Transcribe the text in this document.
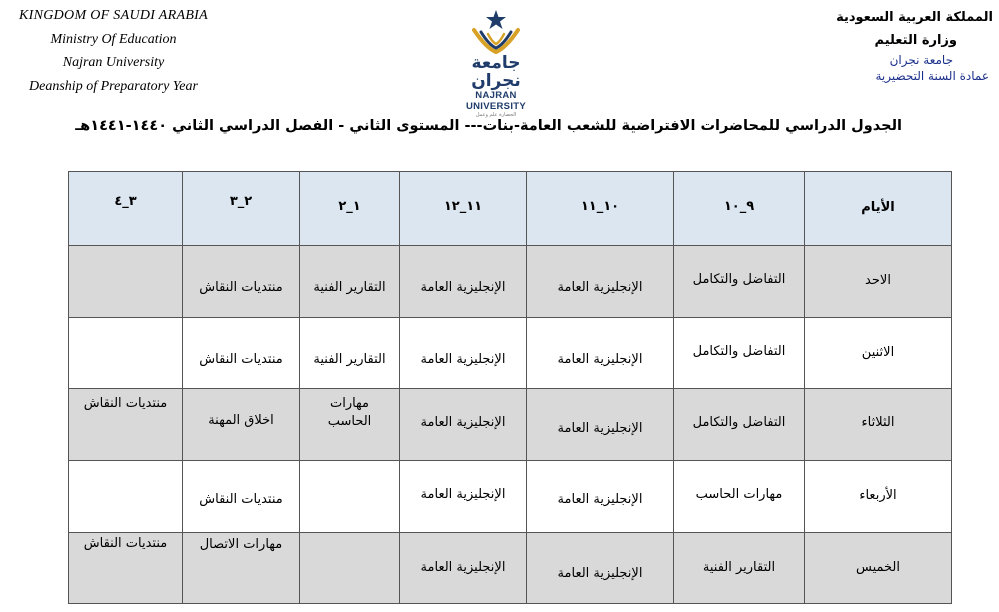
KINGDOM OF SAUDI ARABIA
Ministry Of Education
Najran University
Deanship of Preparatory Year
جامعة نجران
NAJRAN UNIVERSITY
الحضارة علم وعمل
المملكة العربية السعودية
وزارة التعليم
جامعة نجران
عمادة السنة التحضيرية
الجدول الدراسي للمحاضرات الافتراضية للشعب العامة-بنات--- المستوى الثاني - الفصل الدراسي الثاني ١٤٤٠-١٤٤١هـ
الأيام	٩_١٠	١٠_١١	١١_١٢	١_٢	٢_٣	٣_٤

الاحد	التفاضل والتكامل	الإنجليزية العامة	الإنجليزية العامة	التقارير الفنية	منتديات النقاش	

الاثنين	التفاضل والتكامل	الإنجليزية العامة	الإنجليزية العامة	التقارير الفنية	منتديات النقاش	

الثلاثاء	التفاضل والتكامل	الإنجليزية العامة	الإنجليزية العامة	مهارات
الحاسب	اخلاق المهنة	منتديات النقاش

الأربعاء	مهارات الحاسب	الإنجليزية العامة	الإنجليزية العامة		منتديات النقاش	

الخميس	التقارير الفنية	الإنجليزية العامة	الإنجليزية العامة		مهارات الاتصال	منتديات النقاش
